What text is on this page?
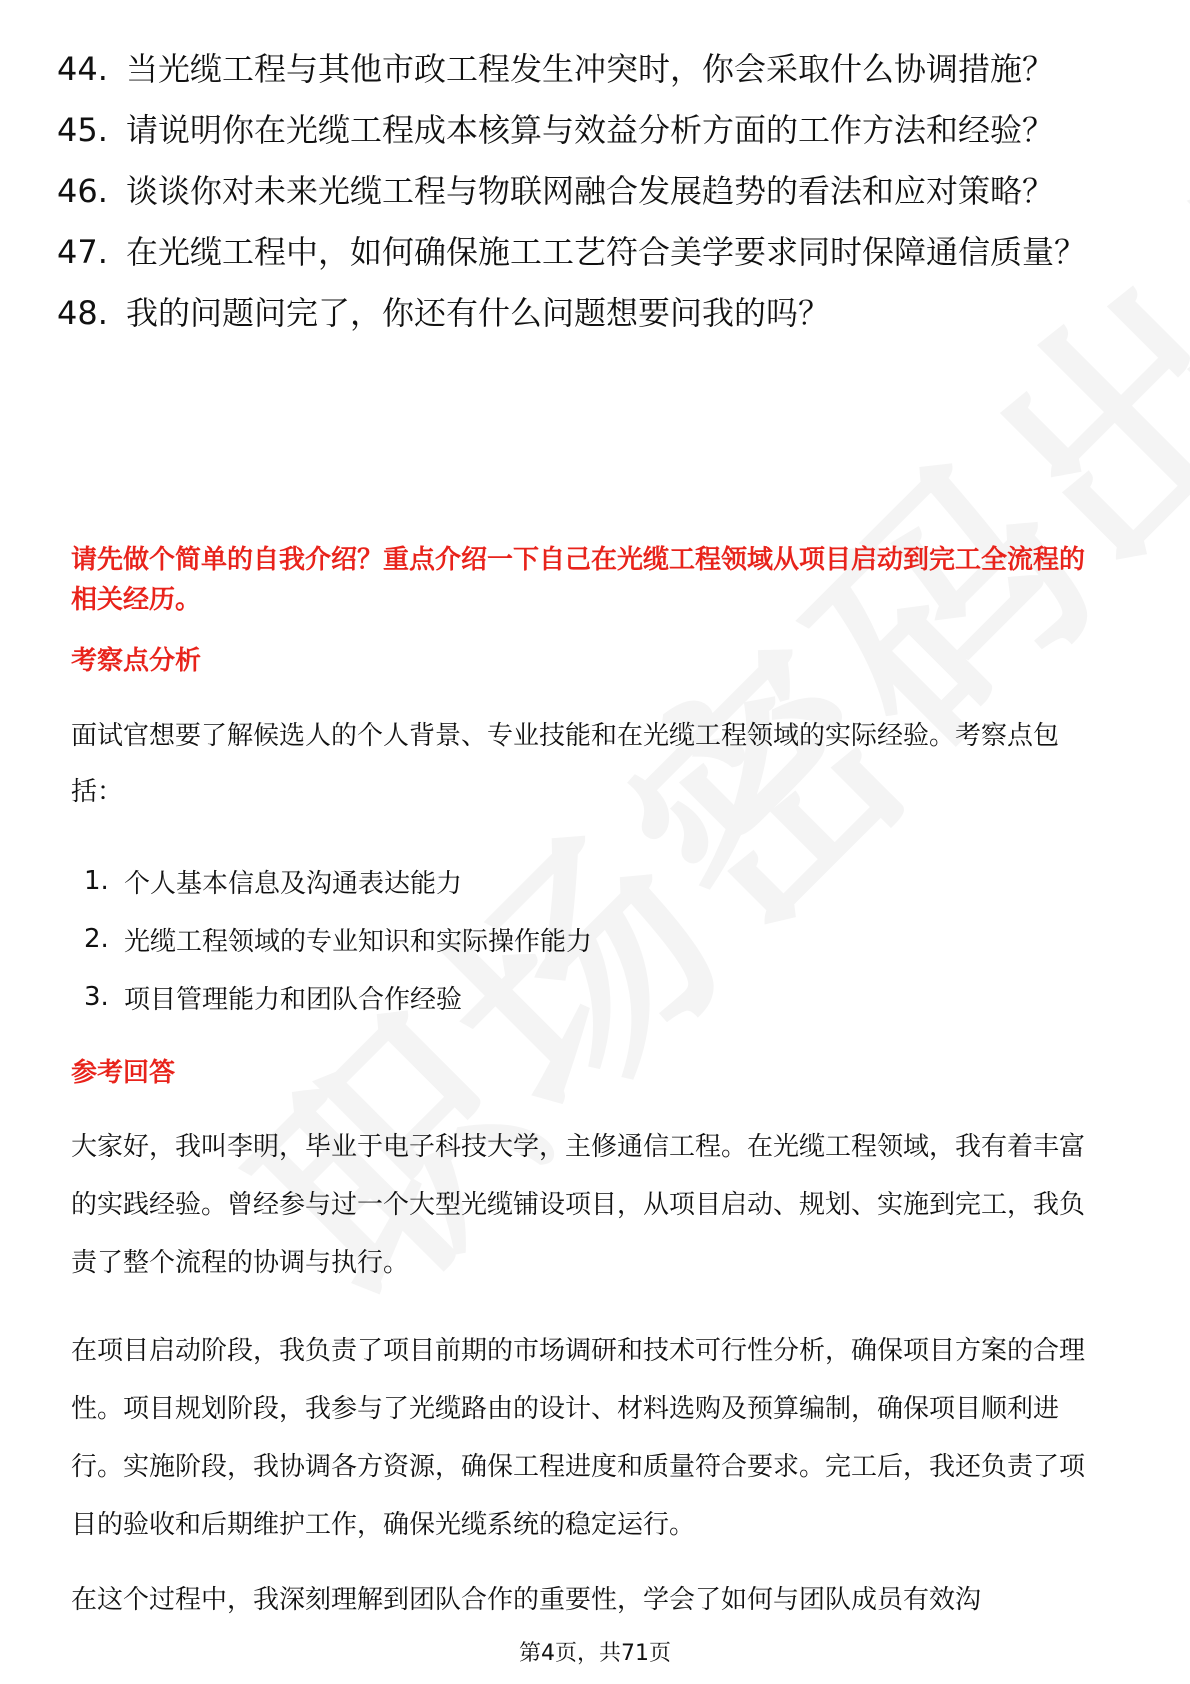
44. 当光缆工程与其他市政工程发生冲突时，你会采取什么协调措施？
45. 请说明你在光缆工程成本核算与效益分析方面的工作方法和经验？
46. 谈谈你对未来光缆工程与物联网融合发展趋势的看法和应对策略？
47. 在光缆工程中，如何确保施工工艺符合美学要求同时保障通信质量？
48. 我的问题问完了，你还有什么问题想要问我的吗？
请先做个简单的自我介绍？重点介绍一下自己在光缆工程领域从项目启动到完工全流程的相关经历。
考察点分析
面试官想要了解候选人的个人背景、专业技能和在光缆工程领域的实际经验。考察点包括：
1. 个人基本信息及沟通表达能力
2. 光缆工程领域的专业知识和实际操作能力
3. 项目管理能力和团队合作经验
参考回答
大家好，我叫李明，毕业于电子科技大学，主修通信工程。在光缆工程领域，我有着丰富的实践经验。曾经参与过一个大型光缆铺设项目，从项目启动、规划、实施到完工，我负责了整个流程的协调与执行。
在项目启动阶段，我负责了项目前期的市场调研和技术可行性分析，确保项目方案的合理性。项目规划阶段，我参与了光缆路由的设计、材料选购及预算编制，确保项目顺利进行。实施阶段，我协调各方资源，确保工程进度和质量符合要求。完工后，我还负责了项目的验收和后期维护工作，确保光缆系统的稳定运行。
在这个过程中，我深刻理解到团队合作的重要性，学会了如何与团队成员有效沟
第4页，共71页
